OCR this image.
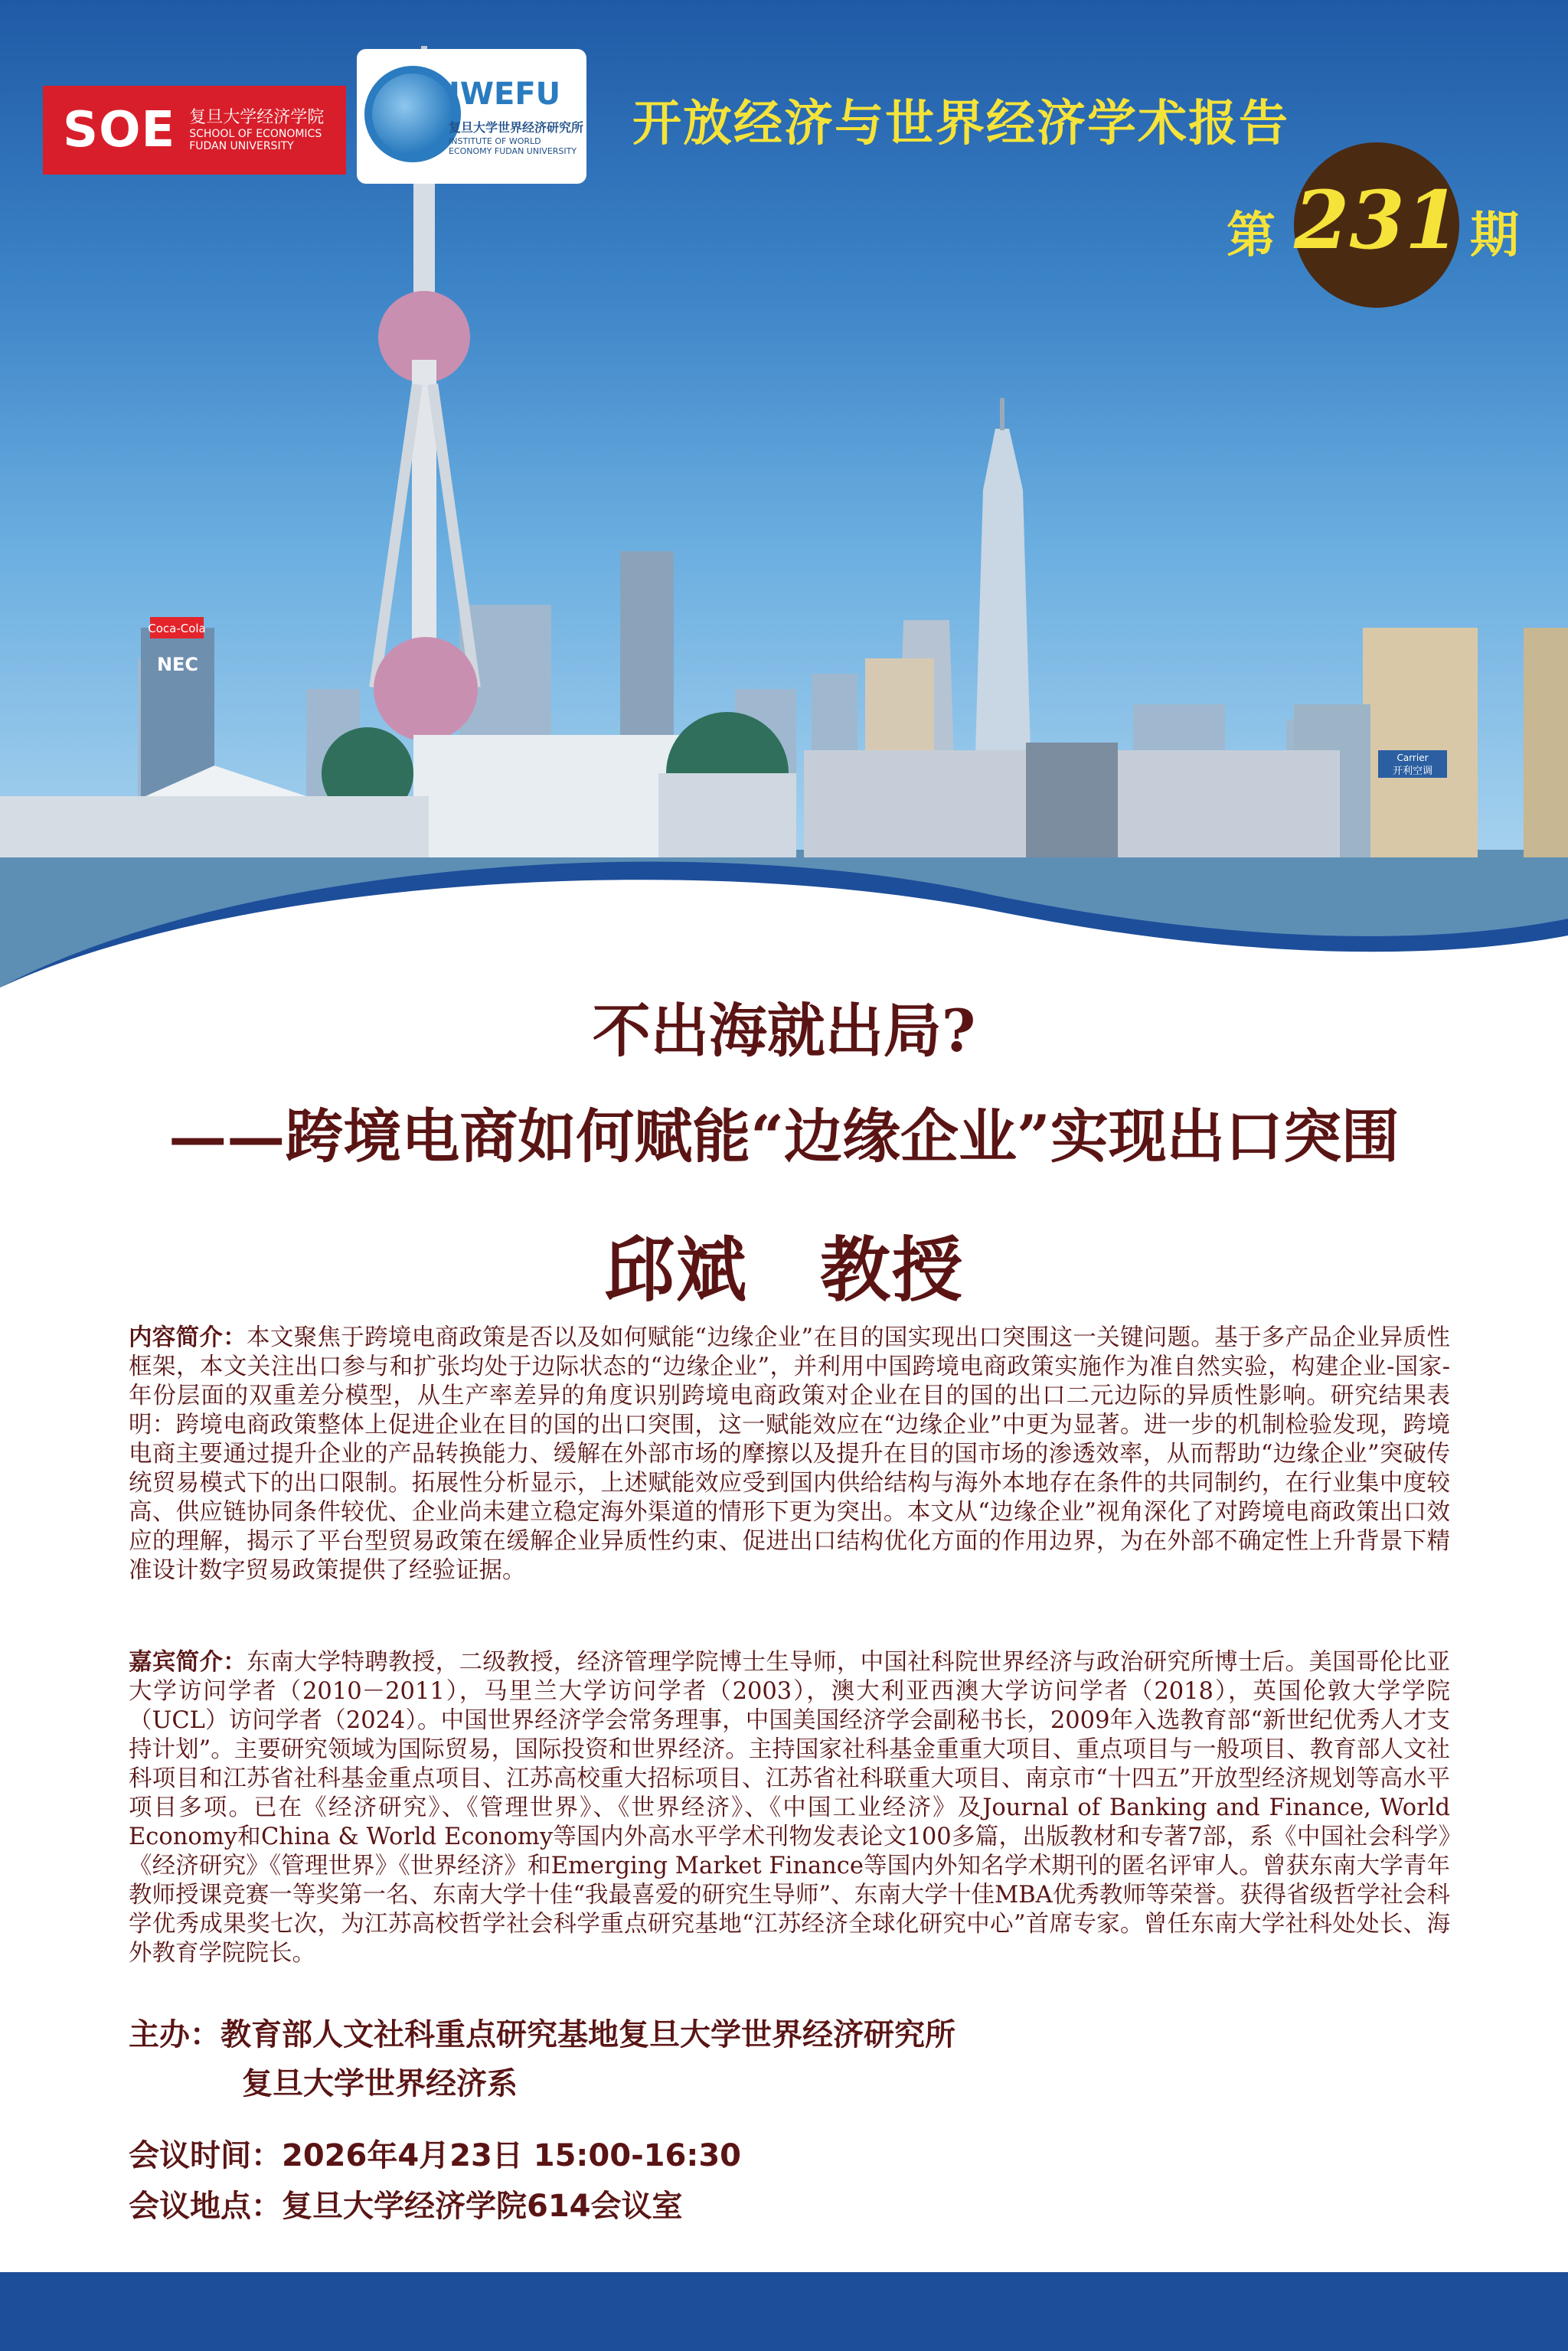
Coca-Cola
NEC
Carrier
开利空调
SOE 复旦大学经济学院
SCHOOL OF ECONOMICS
FUDAN UNIVERSITY
IWEFU
复旦大学世界经济研究所
INSTITUTE OF WORLD ECONOMY FUDAN UNIVERSITY 开放经济与世界经济学术报告
第 231 期
不出海就出局?
——跨境电商如何赋能“边缘企业”实现出口突围
邱斌　教授
内容简介：本文聚焦于跨境电商政策是否以及如何赋能“边缘企业”在目的国实现出口突围这一关键问题。基于多产品企业异质性框架，本文关注出口参与和扩张均处于边际状态的“边缘企业”，并利用中国跨境电商政策实施作为准自然实验，构建企业-国家-年份层面的双重差分模型，从生产率差异的角度识别跨境电商政策对企业在目的国的出口二元边际的异质性影响。研究结果表明：跨境电商政策整体上促进企业在目的国的出口突围，这一赋能效应在“边缘企业”中更为显著。进一步的机制检验发现，跨境电商主要通过提升企业的产品转换能力、缓解在外部市场的摩擦以及提升在目的国市场的渗透效率，从而帮助“边缘企业”突破传统贸易模式下的出口限制。拓展性分析显示，上述赋能效应受到国内供给结构与海外本地存在条件的共同制约，在行业集中度较高、供应链协同条件较优、企业尚未建立稳定海外渠道的情形下更为突出。本文从“边缘企业”视角深化了对跨境电商政策出口效应的理解，揭示了平台型贸易政策在缓解企业异质性约束、促进出口结构优化方面的作用边界，为在外部不确定性上升背景下精准设计数字贸易政策提供了经验证据。
嘉宾简介：东南大学特聘教授，二级教授，经济管理学院博士生导师，中国社科院世界经济与政治研究所博士后。美国哥伦比亚大学访问学者（2010－2011），马里兰大学访问学者（2003），澳大利亚西澳大学访问学者（2018），英国伦敦大学学院（UCL）访问学者（2024）。中国世界经济学会常务理事，中国美国经济学会副秘书长，2009年入选教育部“新世纪优秀人才支持计划”。主要研究领域为国际贸易，国际投资和世界经济。主持国家社科基金重重大项目、重点项目与一般项目、教育部人文社科项目和江苏省社科基金重点项目、江苏高校重大招标项目、江苏省社科联重大项目、南京市“十四五”开放型经济规划等高水平项目多项。已在《经济研究》、《管理世界》、《世界经济》、《中国工业经济》及Journal of Banking and Finance, World Economy和China & World Economy等国内外高水平学术刊物发表论文100多篇，出版教材和专著7部，系《中国社会科学》《经济研究》《管理世界》《世界经济》和Emerging Market Finance等国内外知名学术期刊的匿名评审人。曾获东南大学青年教师授课竞赛一等奖第一名、东南大学十佳“我最喜爱的研究生导师”、东南大学十佳MBA优秀教师等荣誉。获得省级哲学社会科学优秀成果奖七次，为江苏高校哲学社会科学重点研究基地“江苏经济全球化研究中心”首席专家。曾任东南大学社科处处长、海外教育学院院长。
主办：教育部人文社科重点研究基地复旦大学世界经济研究所
复旦大学世界经济系
会议时间：2026年4月23日 15:00-16:30
会议地点：复旦大学经济学院614会议室
